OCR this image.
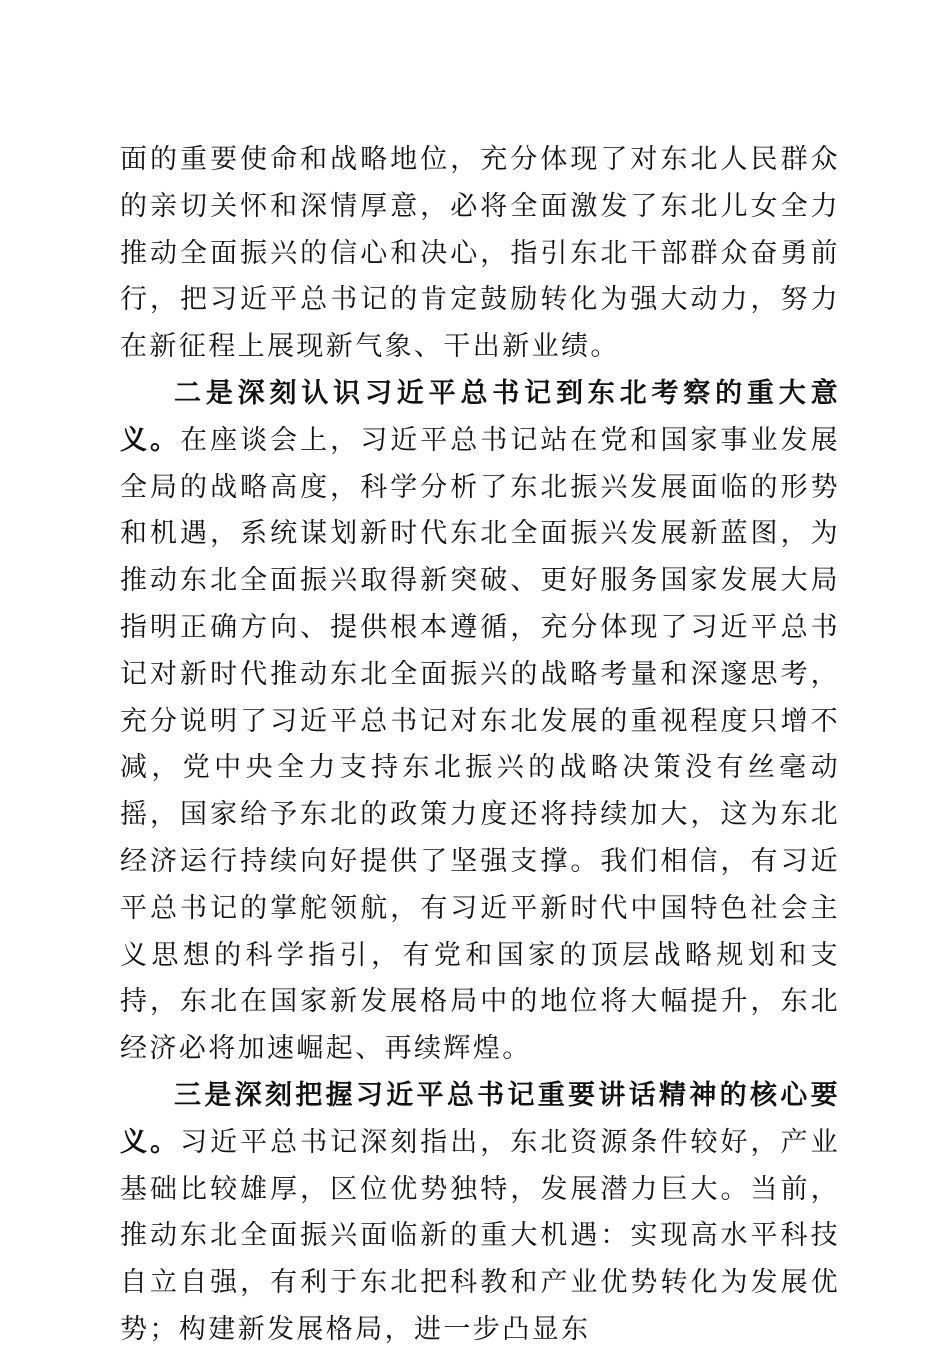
面的重要使命和战略地位，充分体现了对东北人民群众的亲切关怀和深情厚意，必将全面激发了东北儿女全力推动全面振兴的信心和决心，指引东北干部群众奋勇前行，把习近平总书记的肯定鼓励转化为强大动力，努力在新征程上展现新气象、干出新业绩。

二是深刻认识习近平总书记到东北考察的重大意义。在座谈会上，习近平总书记站在党和国家事业发展全局的战略高度，科学分析了东北振兴发展面临的形势和机遇，系统谋划新时代东北全面振兴发展新蓝图，为推动东北全面振兴取得新突破、更好服务国家发展大局指明正确方向、提供根本遵循，充分体现了习近平总书记对新时代推动东北全面振兴的战略考量和深邃思考，充分说明了习近平总书记对东北发展的重视程度只增不减，党中央全力支持东北振兴的战略决策没有丝毫动摇，国家给予东北的政策力度还将持续加大，这为东北经济运行持续向好提供了坚强支撑。我们相信，有习近平总书记的掌舵领航，有习近平新时代中国特色社会主义思想的科学指引，有党和国家的顶层战略规划和支持，东北在国家新发展格局中的地位将大幅提升，东北经济必将加速崛起、再续辉煌。

三是深刻把握习近平总书记重要讲话精神的核心要义。习近平总书记深刻指出，东北资源条件较好，产业基础比较雄厚，区位优势独特，发展潜力巨大。当前，推动东北全面振兴面临新的重大机遇：实现高水平科技自立自强，有利于东北把科教和产业优势转化为发展优势；构建新发展格局，进一步凸显东
